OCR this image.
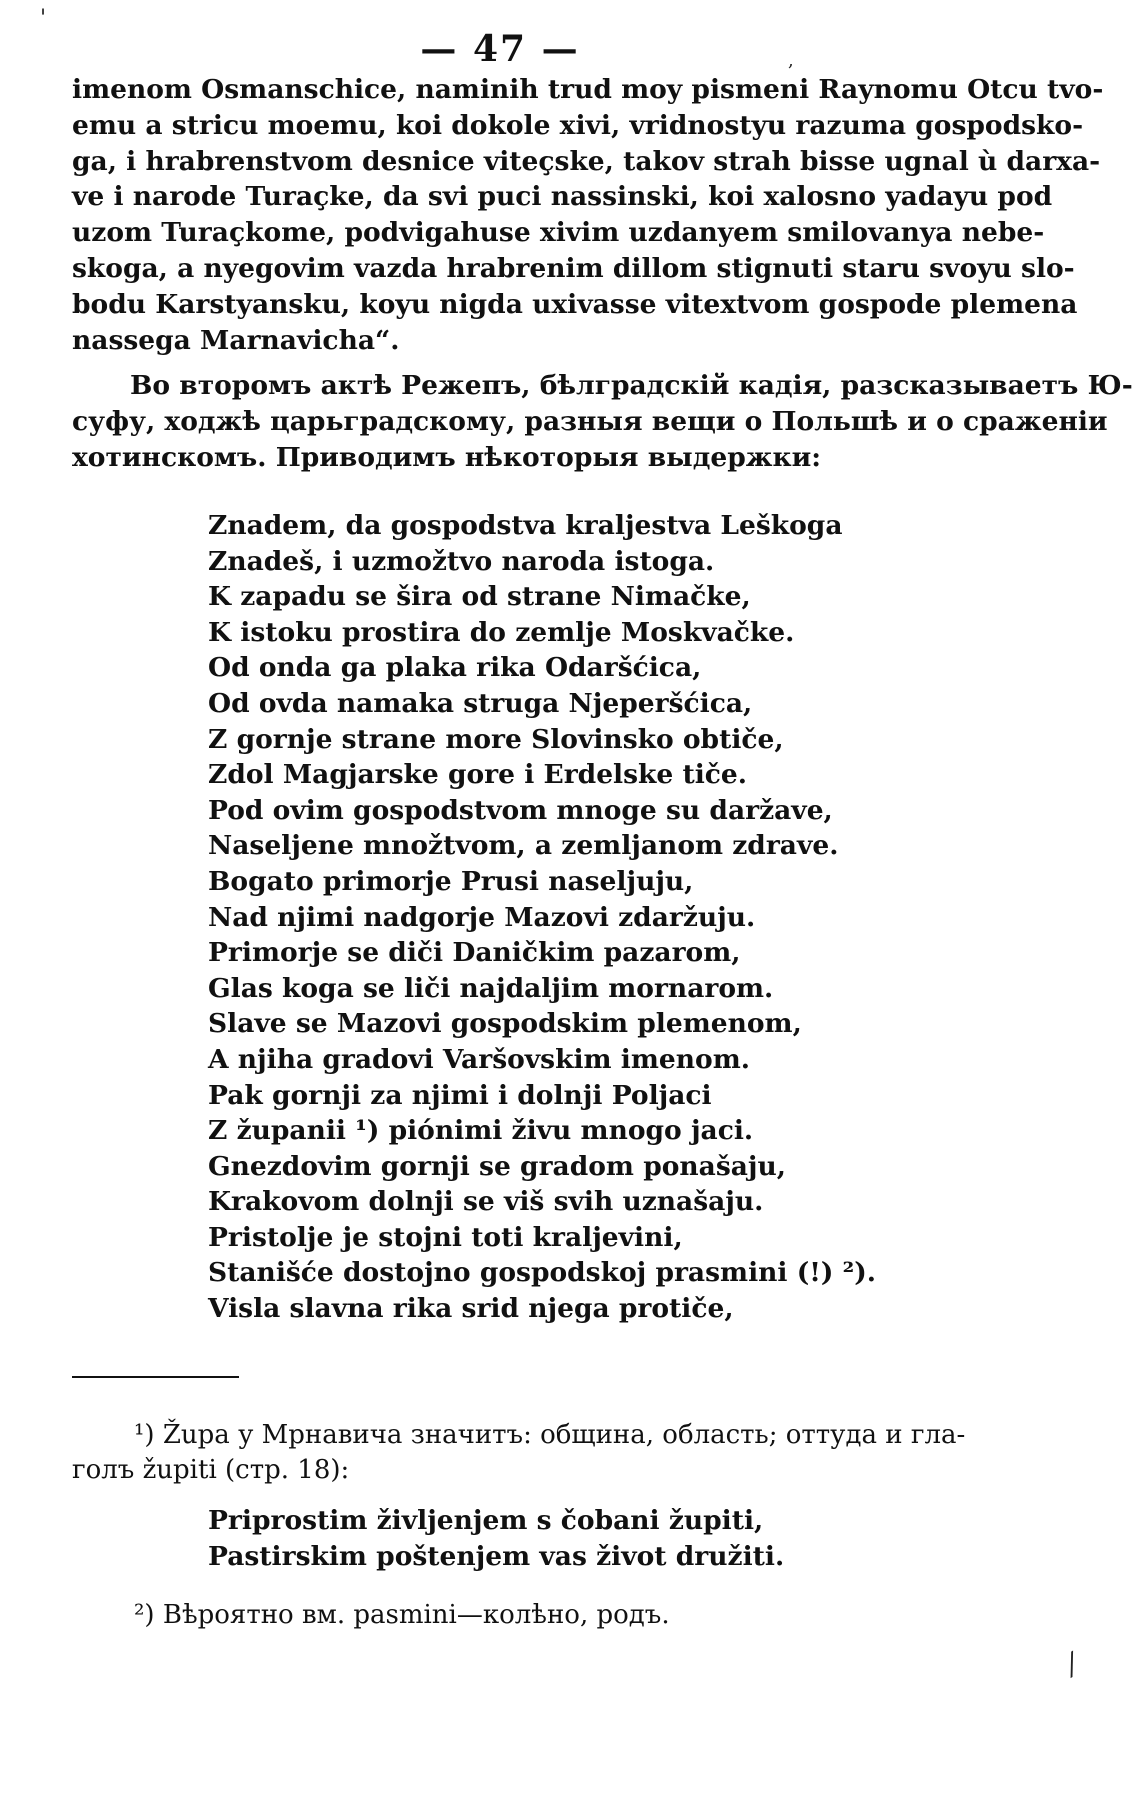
'
,
— 47 —
imenom Osmanschice, naminih trud moy pismeni Raynomu Otcu tvo-
emu a stricu moemu, koi dokole xivi, vridnostyu razuma gospodsko-
ga, i hrabrenstvom desnice viteçske, takov strah bisse ugnal ù darxa-
ve i narode Turaçke, da svi puci nassinski, koi xalosno yadayu pod
uzom Turaçkome, podvigahuse xivim uzdanyem smilovanya nebe-
skoga, a nyegovim vazda hrabrenim dillom stignuti staru svoyu slo-
bodu Karstyansku, koyu nigda uxivasse vitextvom gospode plemena
nassega Marnavicha“.
Во второмъ актѣ Режепъ, бѣлградскій кадія, разсказываетъ Ю-
суфу, ходжѣ царьградскому, разныя вещи о Польшѣ и о сраженіи
хотинскомъ. Приводимъ нѣкоторыя выдержки:
Znadem, da gospodstva kraljestva Leškoga
Znadeš, i uzmožtvo naroda istoga.
K zapadu se šira od strane Nimačke,
K istoku prostira do zemlje Moskvačke.
Od onda ga plaka rika Odaršćica,
Od ovda namaka struga Njeperšćica,
Z gornje strane more Slovinsko obtiče,
Zdol Magjarske gore i Erdelske tiče.
Pod ovim gospodstvom mnoge su daržave,
Naseljene množtvom, a zemljanom zdrave.
Bogato primorje Prusi naseljuju,
Nad njimi nadgorje Mazovi zdaržuju.
Primorje se diči Daničkim pazarom,
Glas koga se liči najdaljim mornarom.
Slave se Mazovi gospodskim plemenom,
A njiha gradovi Varšovskim imenom.
Pak gornji za njimi i dolnji Poljaci
Z županii ¹) piónimi živu mnogo jaci.
Gnezdovim gornji se gradom ponašaju,
Krakovom dolnji se viš svih uznašaju.
Pristolje je stojni toti kraljevini,
Stanišće dostojno gospodskoj prasmini (!) ²).
Visla slavna rika srid njega protiče,
¹) Župa у Мрнавича значитъ: община, область; оттуда и гла-
голъ župiti (стр. 18):
Priprostim življenjem s čobani župiti,
Pastirskim poštenjem vas život družiti.
²) Вѣроятно вм. pasmini—колѣно, родъ.
⁄
